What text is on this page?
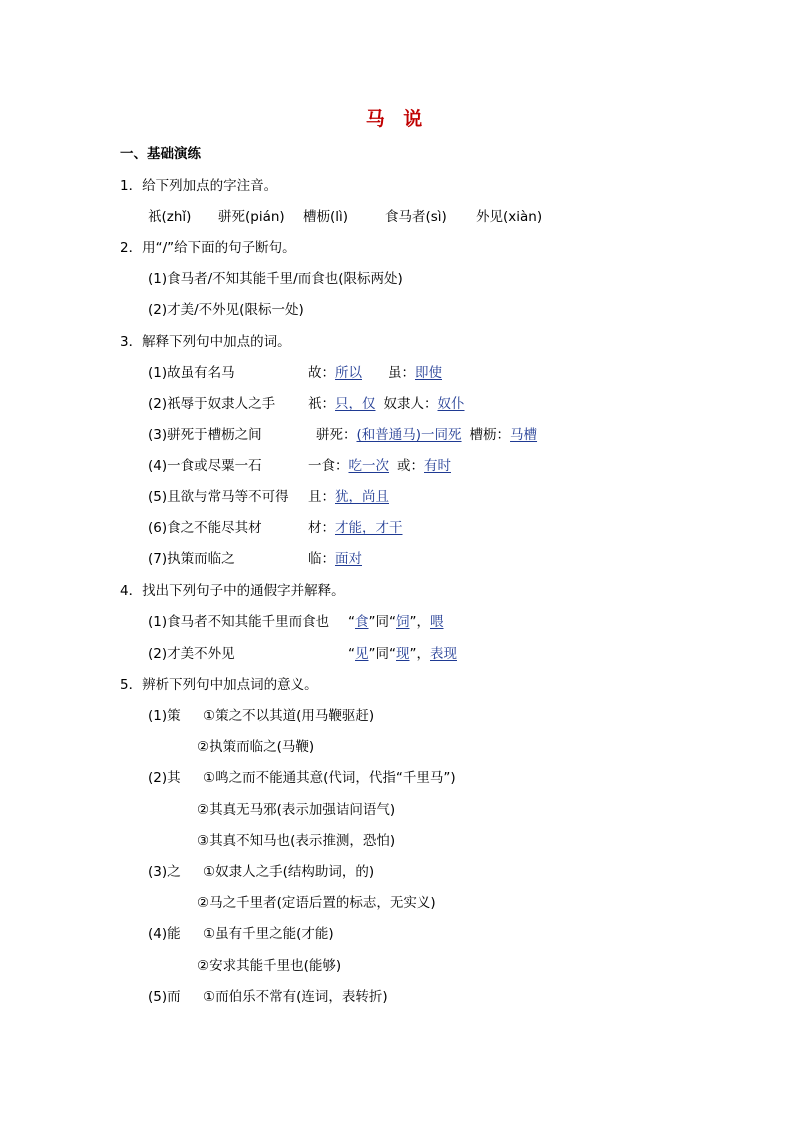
马 说
一、基础演练
1．给下列加点的字注音。
祇(zhǐ) 骈死(pián) 槽枥(lì)	食马者(sì) 外见(xiàn)
2．用“/”给下面的句子断句。
(1)食马者/不知其能千里/而食也(限标两处)
(2)才美/不外见(限标一处)
3．解释下列句中加点的词。
(1)故虽有名马	故：所以 虽：即使
(2)祇辱于奴隶人之手 祇：只，仅 奴隶人：奴仆
(3)骈死于槽枥之间	骈死：(和普通马)一同死 槽枥：马槽
(4)一食或尽粟一石	一食：吃一次 或：有时
(5)且欲与常马等不可得 且：犹，尚且
(6)食之不能尽其材	材：才能，才干
(7)执策而临之	临：面对
4．找出下列句子中的通假字并解释。
(1)食马者不知其能千里而食也 “食”同“饲”，喂
(2)才美不外见	“见”同“现”，表现
5．辨析下列句中加点词的意义。
(1)策 ①策之不以其道(用马鞭驱赶)
②执策而临之(马鞭)
(2)其 ①鸣之而不能通其意(代词，代指“千里马”)
②其真无马邪(表示加强诘问语气)
③其真不知马也(表示推测，恐怕)
(3)之 ①奴隶人之手(结构助词，的)
②马之千里者(定语后置的标志，无实义)
(4)能 ①虽有千里之能(才能)
②安求其能千里也(能够)
(5)而 ①而伯乐不常有(连词，表转折)
